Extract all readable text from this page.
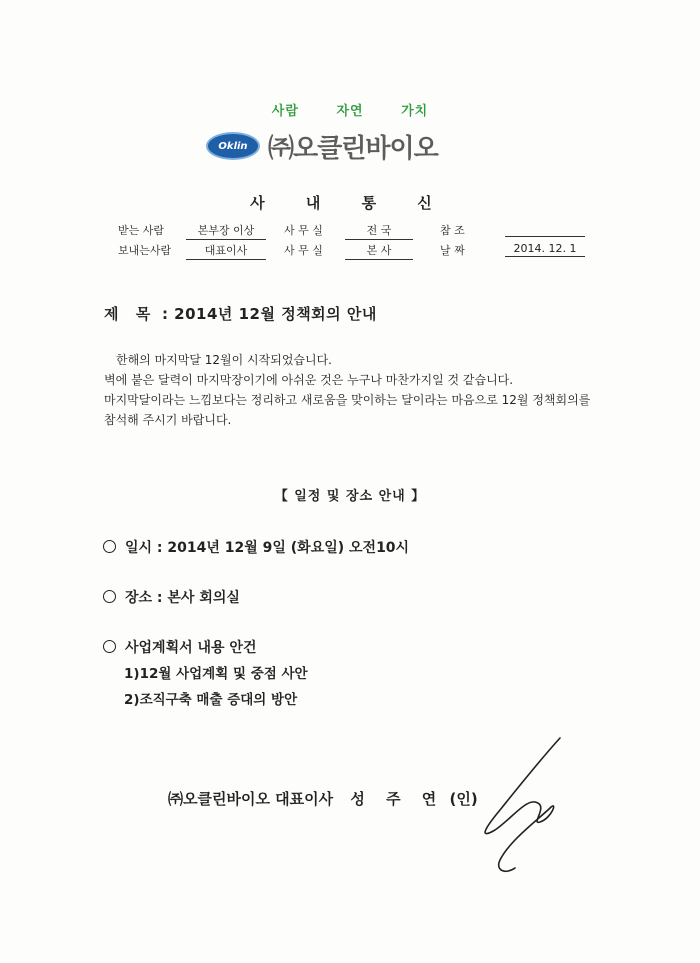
사람	자연	가치
Oklin ㈜오클린바이오
사 내 통 신
받는 사람	본부장 이상	사 무 실	전 국	참 조
보내는사람	대표이사	사 무 실	본 사	날 짜	2014. 12. 1
제 목 : 2014년 12월 정책회의 안내

한해의 마지막달 12월이 시작되었습니다.

벽에 붙은 달력이 마지막장이기에 아쉬운 것은 누구나 마찬가지일 것 같습니다.

마지막달이라는 느낌보다는 정리하고 새로움을 맞이하는 달이라는 마음으로 12월 정책회의를 참석해 주시기 바랍니다.

【 일정 및 장소 안내 】
일시 : 2014년 12월 9일 (화요일) 오전10시
장소 : 본사 회의실
사업계획서 내용 안건
1)12월 사업계획 및 중점 사안
2)조직구축 매출 증대의 방안
㈜오클린바이오 대표이사 성 주 연 (인)
